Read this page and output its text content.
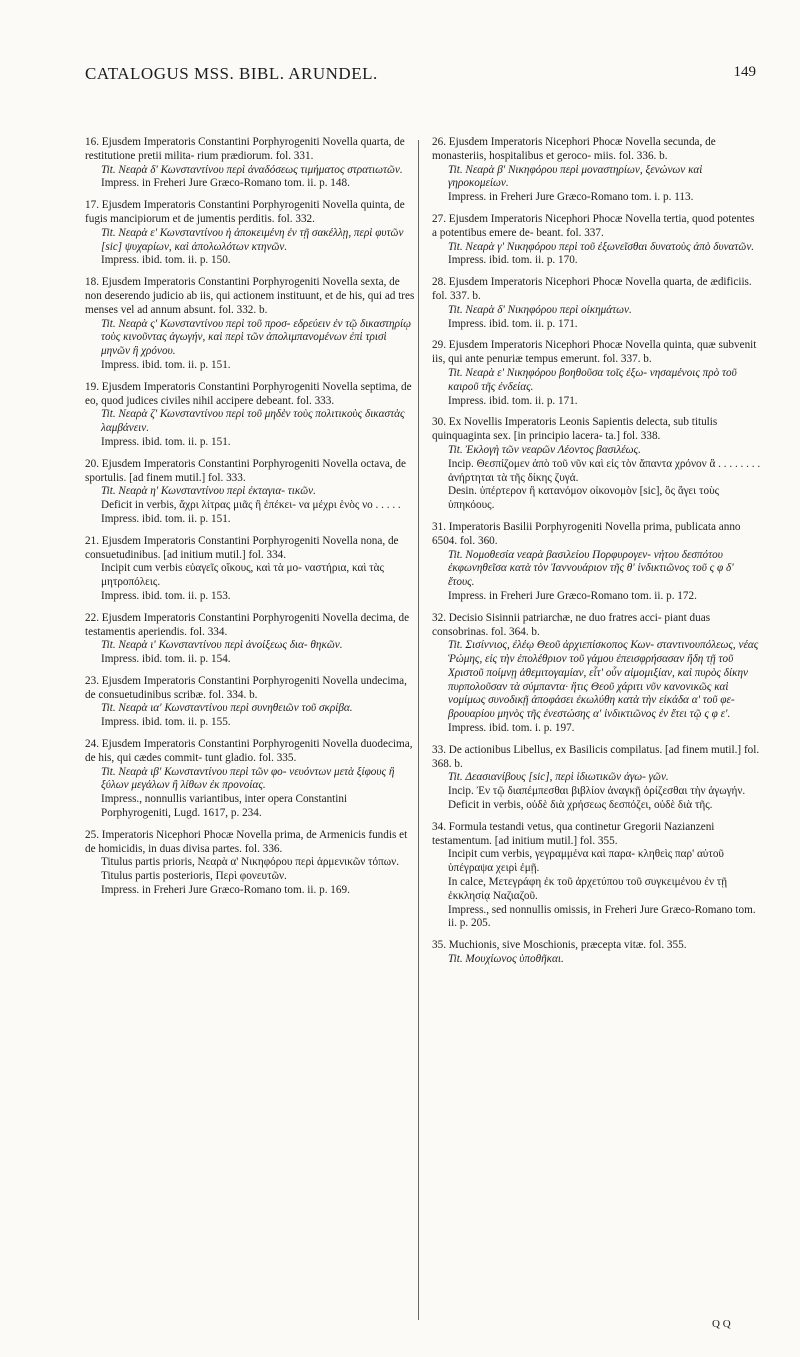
CATALOGUS MSS. BIBL. ARUNDEL.	149

16. Ejusdem Imperatoris Constantini Porphyrogeniti Novella quarta, de restitutione pretii milita- rium prædiorum. fol. 331.

Tit. Νεαρὰ δ' Κωνσταντίνου περὶ ἀναδόσεως τιμήματος στρατιωτῶν.

Impress. in Freheri Jure Græco-Romano tom. ii. p. 148.

17. Ejusdem Imperatoris Constantini Porphyrogeniti Novella quinta, de fugis mancipiorum et de jumentis perditis. fol. 332.

Tit. Νεαρὰ ε' Κωνσταντίνου ἡ ἀποκειμένη ἐν τῇ σακέλλῃ, περὶ φυτῶν [sic] ψυχαρίων, καὶ ἀπολωλότων κτηνῶν.

Impress. ibid. tom. ii. p. 150.

18. Ejusdem Imperatoris Constantini Porphyrogeniti Novella sexta, de non deserendo judicio ab iis, qui actionem instituunt, et de his, qui ad tres menses vel ad annum absunt. fol. 332. b.

Tit. Νεαρὰ ς' Κωνσταντίνου περὶ τοῦ προσ- εδρεύειν ἐν τῷ δικαστηρίῳ τοὺς κινοῦντας ἀγωγήν, καὶ περὶ τῶν ἀπολιμπανομένων ἐπὶ τρισὶ μηνῶν ἢ χρόνου.

Impress. ibid. tom. ii. p. 151.

19. Ejusdem Imperatoris Constantini Porphyrogeniti Novella septima, de eo, quod judices civiles nihil accipere debeant. fol. 333.

Tit. Νεαρὰ ζ' Κωνσταντίνου περὶ τοῦ μηδὲν τοὺς πολιτικοὺς δικαστὰς λαμβάνειν.

Impress. ibid. tom. ii. p. 151.

20. Ejusdem Imperatoris Constantini Porphyrogeniti Novella octava, de sportulis. [ad finem mutil.] fol. 333.

Tit. Νεαρὰ η' Κωνσταντίνου περὶ ἐκταγια- τικῶν.

Deficit in verbis, ἄχρι λίτρας μιᾶς ἢ ἐπέκει- να μέχρι ἑνὸς νο . . . . .

Impress. ibid. tom. ii. p. 151.

21. Ejusdem Imperatoris Constantini Porphyrogeniti Novella nona, de consuetudinibus. [ad initium mutil.] fol. 334.

Incipit cum verbis εὐαγεῖς οἴκους, καὶ τὰ μο- ναστήρια, καὶ τὰς μητροπόλεις.

Impress. ibid. tom. ii. p. 153.

22. Ejusdem Imperatoris Constantini Porphyrogeniti Novella decima, de testamentis aperiendis. fol. 334.

Tit. Νεαρὰ ι' Κωνσταντίνου περὶ ἀνοίξεως δια- θηκῶν.

Impress. ibid. tom. ii. p. 154.

23. Ejusdem Imperatoris Constantini Porphyrogeniti Novella undecima, de consuetudinibus scribæ. fol. 334. b.

Tit. Νεαρὰ ια' Κωνσταντίνου περὶ συνηθειῶν τοῦ σκρίβα.

Impress. ibid. tom. ii. p. 155.

24. Ejusdem Imperatoris Constantini Porphyrogeniti Novella duodecima, de his, qui cædes commit- tunt gladio. fol. 335.

Tit. Νεαρὰ ιβ' Κωνσταντίνου περὶ τῶν φο- νευόντων μετὰ ξίφους ἢ ξύλων μεγάλων ἢ λίθων ἐκ προνοίας.

Impress., nonnullis variantibus, inter opera Constantini Porphyrogeniti, Lugd. 1617, p. 234.

25. Imperatoris Nicephori Phocæ Novella prima, de Armenicis fundis et de homicidis, in duas divisa partes. fol. 336.

Titulus partis prioris, Νεαρὰ α' Νικηφόρου περὶ ἀρμενικῶν τόπων.

Titulus partis posterioris, Περὶ φονευτῶν.

Impress. in Freheri Jure Græco-Romano tom. ii. p. 169.

26. Ejusdem Imperatoris Nicephori Phocæ Novella secunda, de monasteriis, hospitalibus et geroco- miis. fol. 336. b.

Tit. Νεαρὰ β' Νικηφόρου περὶ μοναστηρίων, ξενώνων καὶ γηροκομείων.

Impress. in Freheri Jure Græco-Romano tom. i. p. 113.

27. Ejusdem Imperatoris Nicephori Phocæ Novella tertia, quod potentes a potentibus emere de- beant. fol. 337.

Tit. Νεαρὰ γ' Νικηφόρου περὶ τοῦ ἐξωνεῖσθαι δυνατοὺς ἀπὸ δυνατῶν.

Impress. ibid. tom. ii. p. 170.

28. Ejusdem Imperatoris Nicephori Phocæ Novella quarta, de ædificiis. fol. 337. b.

Tit. Νεαρὰ δ' Νικηφόρου περὶ οἰκημάτων.

Impress. ibid. tom. ii. p. 171.

29. Ejusdem Imperatoris Nicephori Phocæ Novella quinta, quæ subvenit iis, qui ante penuriæ tempus emerunt. fol. 337. b.

Tit. Νεαρὰ ε' Νικηφόρου βοηθοῦσα τοῖς ἐξω- νησαμένοις πρὸ τοῦ καιροῦ τῆς ἐνδείας.

Impress. ibid. tom. ii. p. 171.

30. Ex Novellis Imperatoris Leonis Sapientis delecta, sub titulis quinquaginta sex. [in principio lacera- ta.] fol. 338.

Tit. Ἐκλογὴ τῶν νεαρῶν Λέοντος βασιλέως.

Incip. Θεσπίζομεν ἀπὸ τοῦ νῦν καὶ εἰς τὸν ἅπαντα χρόνον ἃ . . . . . . . . ἀνήρτηται τὰ τῆς δίκης ζυγά.

Desin. ὑπέρτερον ἢ κατανόμον οἰκονομὸν [sic], ὃς ἄγει τοὺς ὑπηκόους.

31. Imperatoris Basilii Porphyrogeniti Novella prima, publicata anno 6504. fol. 360.

Tit. Νομοθεσία νεαρὰ βασιλείου Πορφυρογεν- νήτου δεσπότου ἐκφωνηθεῖσα κατὰ τὸν Ἰαννουάριον τῆς θ' ἰνδικτιῶνος τοῦ ς φ δ' ἔτους.

Impress. in Freheri Jure Græco-Romano tom. ii. p. 172.

32. Decisio Sisinnii patriarchæ, ne duo fratres acci- piant duas consobrinas. fol. 364. b.

Tit. Σισίννιος, ἐλέῳ Θεοῦ ἀρχιεπίσκοπος Κων- σταντινουπόλεως, νέας Ῥώμης, εἰς τὴν ἐπολέθριον τοῦ γάμου ἐπεισφρήσασαν ἤδη τῇ τοῦ Χριστοῦ ποίμνῃ ἀθεμιτογαμίαν, εἶτ' οὖν αἱμομιξίαν, καὶ πυρὸς δίκην πυρπολοῦσαν τὰ σύμπαντα· ἥτις Θεοῦ χάριτι νῦν κανονικῶς καὶ νομίμως συνοδικῇ ἀποφάσει ἐκωλύθη κατὰ τὴν εἰκάδα α' τοῦ φε- βρουαρίου μηνὸς τῆς ἐνεστώσης α' ἰνδικτιῶνος ἐν ἔτει τῷ ς φ ε'.

Impress. ibid. tom. i. p. 197.

33. De actionibus Libellus, ex Basilicis compilatus. [ad finem mutil.] fol. 368. b.

Tit. Δεασιανίβους [sic], περὶ ἰδιωτικῶν ἀγω- γῶν.

Incip. Ἐν τῷ διαπέμπεσθαι βιβλίον ἀναγκῇ ὀρίζεσθαι τὴν ἀγωγήν.

Deficit in verbis, οὐδὲ διὰ χρήσεως δεσπόζει, οὐδὲ διὰ τῆς.

34. Formula testandi vetus, qua continetur Gregorii Nazianzeni testamentum. [ad initium mutil.] fol. 355.

Incipit cum verbis, γεγραμμένα καὶ παρα- κληθεὶς παρ' αὐτοῦ ὑπέγραψα χειρὶ ἐμῇ.

In calce, Μετεγράφη ἐκ τοῦ ἀρχετύπου τοῦ συγκειμένου ἐν τῇ ἐκκλησίᾳ Ναζιαζοῦ.

Impress., sed nonnullis omissis, in Freheri Jure Græco-Romano tom. ii. p. 205.

35. Muchionis, sive Moschionis, præcepta vitæ. fol. 355.

Tit. Μουχίωνος ὑποθῆκαι.

Q Q
